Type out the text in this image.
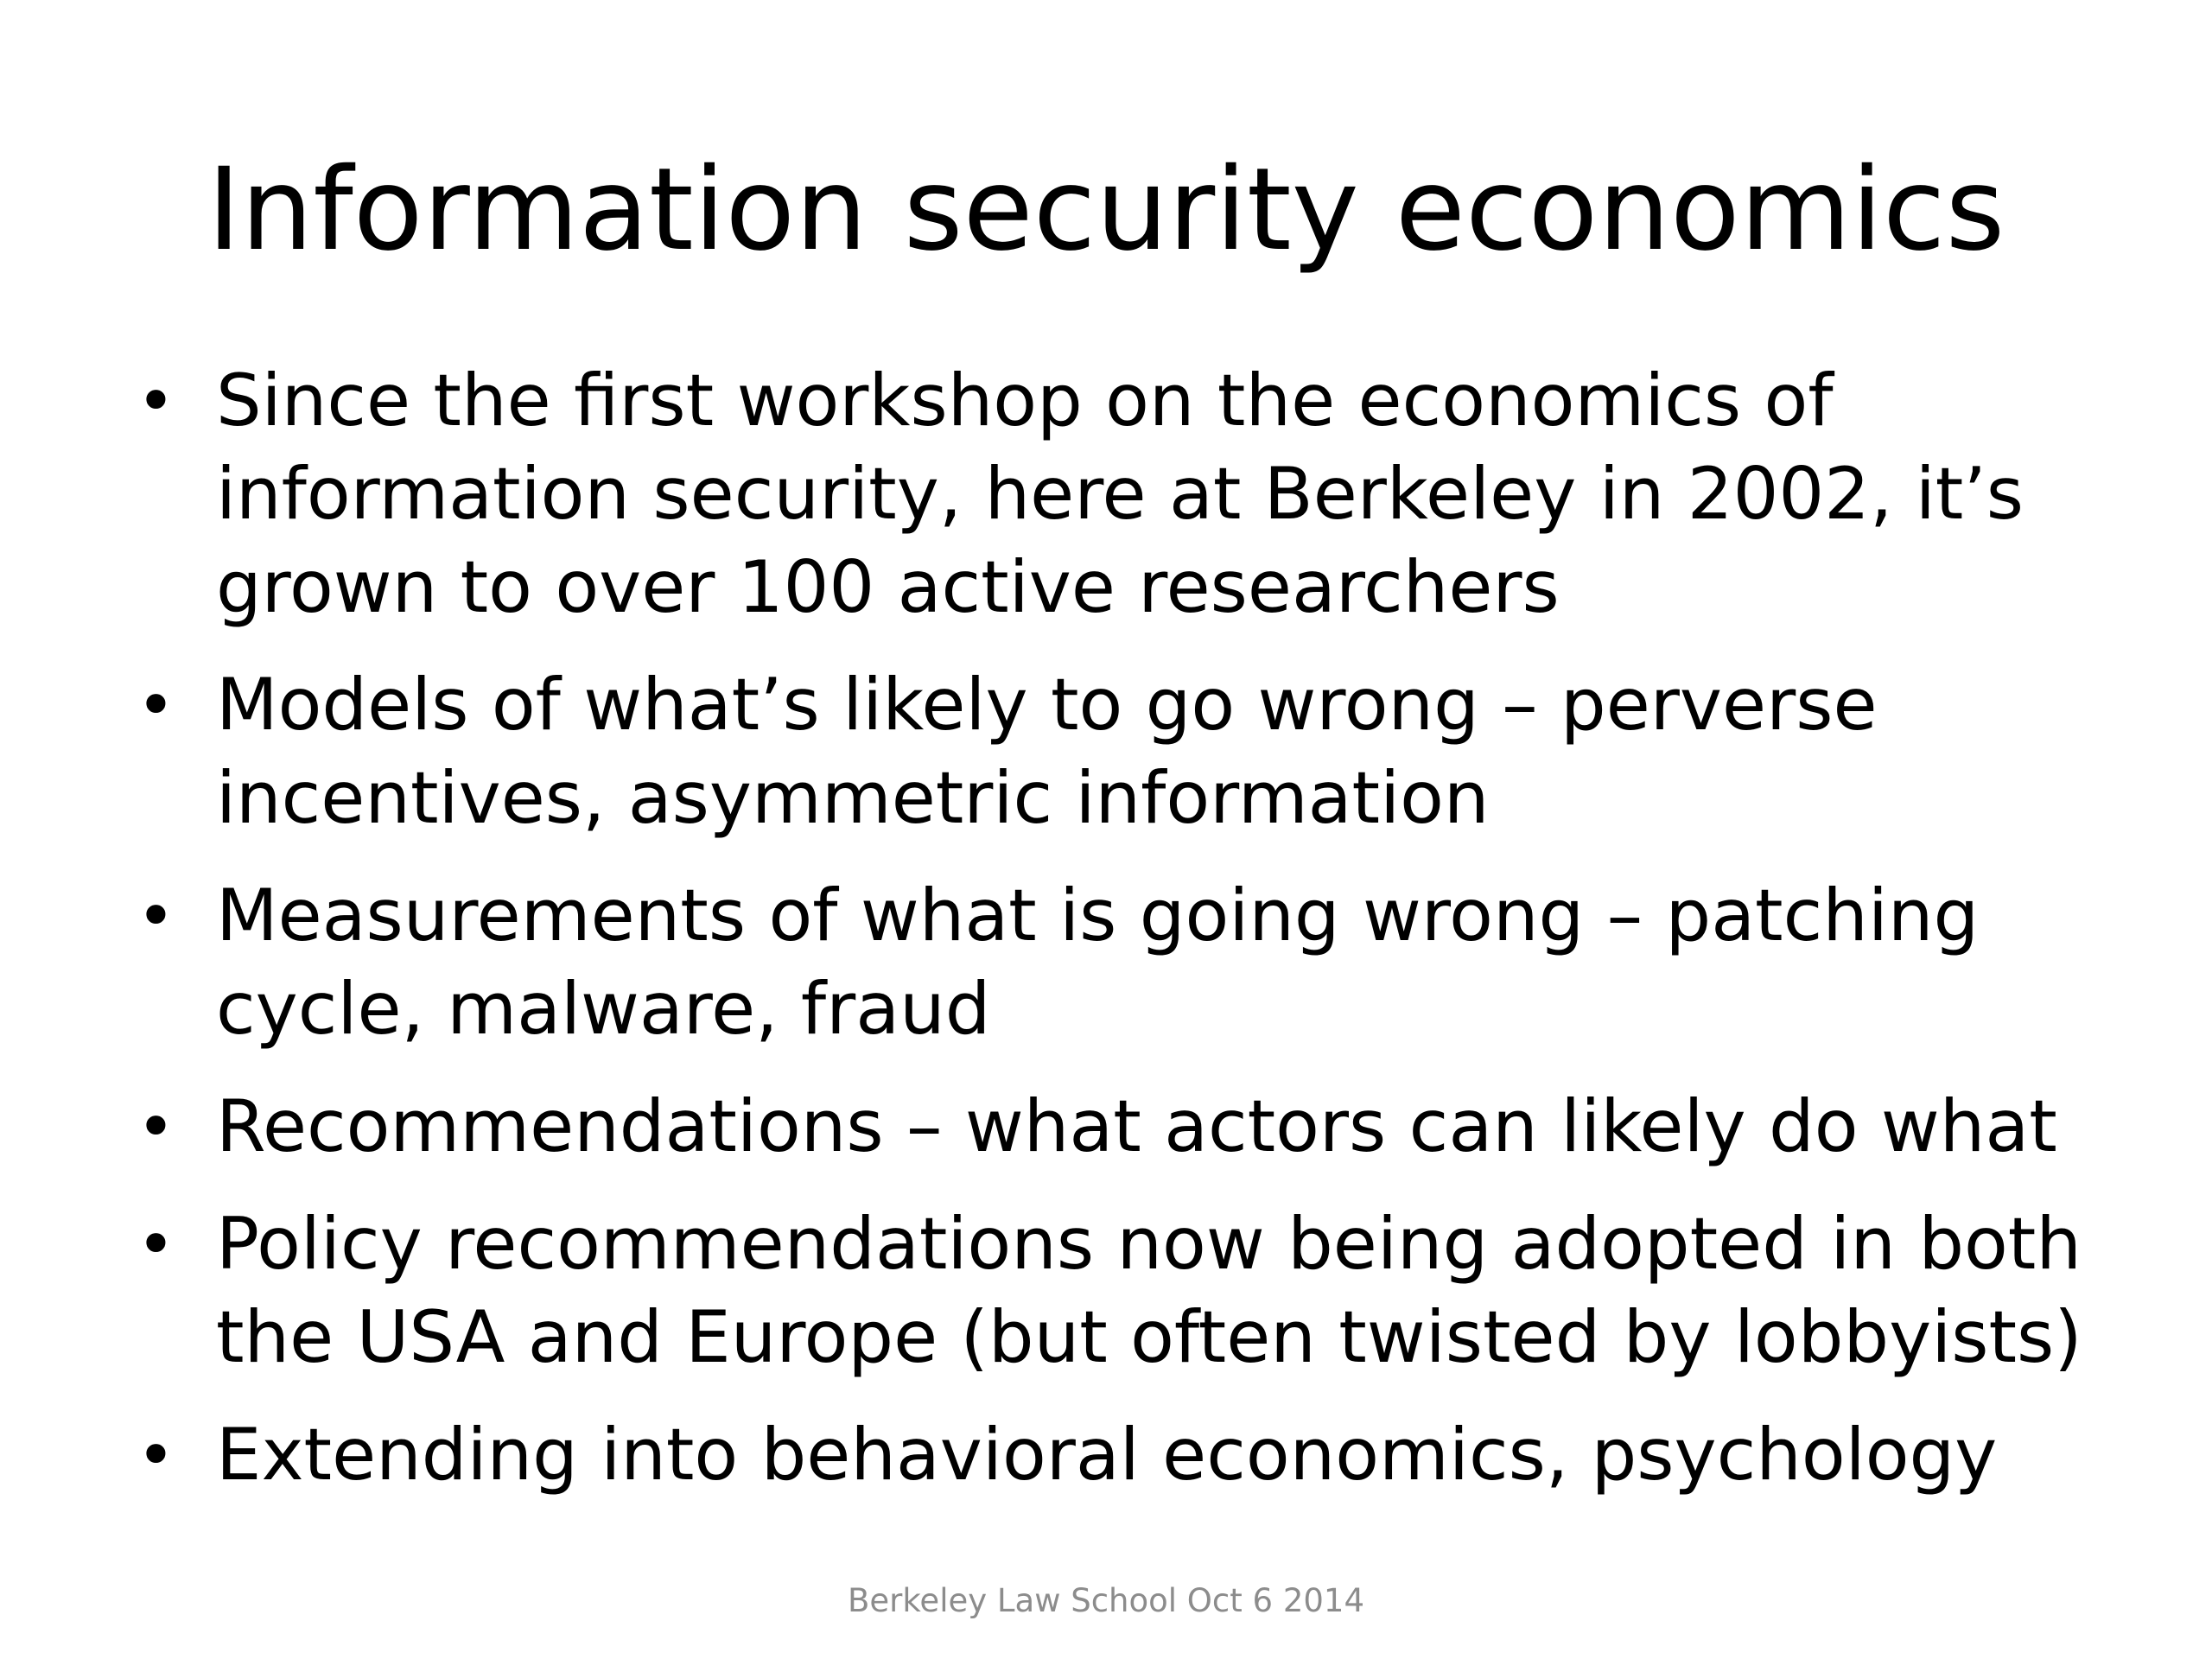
Information security economics
• Since the first workshop on the economics of information security, here at Berkeley in 2002, it’s grown to over 100 active researchers
• Models of what’s likely to go wrong – perverse incentives, asymmetric information
• Measurements of what is going wrong – patching cycle, malware, fraud
• Recommendations – what actors can likely do what
• Policy recommendations now being adopted in both the USA and Europe (but often twisted by lobbyists)
• Extending into behavioral economics, psychology
Berkeley Law School Oct 6 2014
